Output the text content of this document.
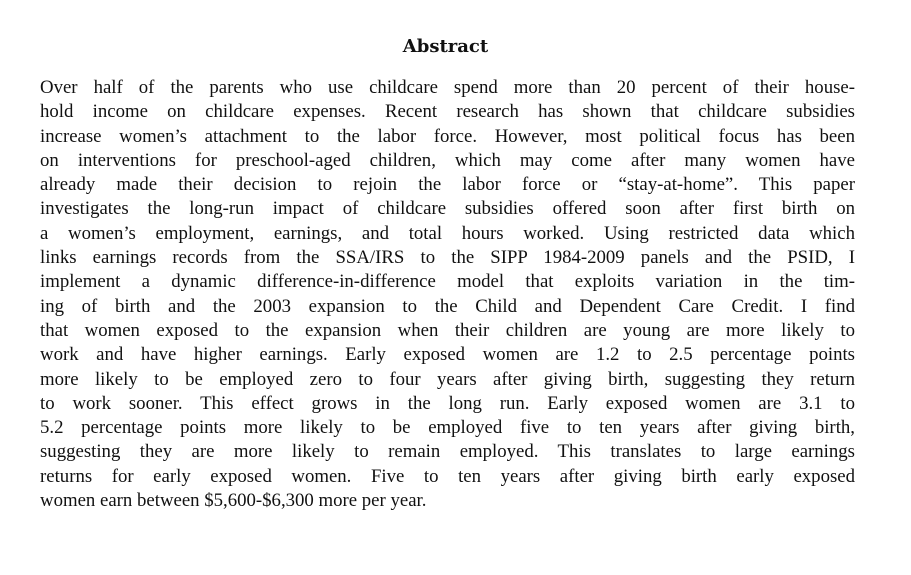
Abstract
Over half of the parents who use childcare spend more than 20 percent of their house-
hold income on childcare expenses. Recent research has shown that childcare subsidies
increase women’s attachment to the labor force. However, most political focus has been
on interventions for preschool-aged children, which may come after many women have
already made their decision to rejoin the labor force or “stay-at-home”. This paper
investigates the long-run impact of childcare subsidies offered soon after first birth on
a women’s employment, earnings, and total hours worked. Using restricted data which
links earnings records from the SSA/IRS to the SIPP 1984-2009 panels and the PSID, I
implement a dynamic difference-in-difference model that exploits variation in the tim-
ing of birth and the 2003 expansion to the Child and Dependent Care Credit. I find
that women exposed to the expansion when their children are young are more likely to
work and have higher earnings. Early exposed women are 1.2 to 2.5 percentage points
more likely to be employed zero to four years after giving birth, suggesting they return
to work sooner. This effect grows in the long run. Early exposed women are 3.1 to
5.2 percentage points more likely to be employed five to ten years after giving birth,
suggesting they are more likely to remain employed. This translates to large earnings
returns for early exposed women. Five to ten years after giving birth early exposed
women earn between $5,600-$6,300 more per year.
